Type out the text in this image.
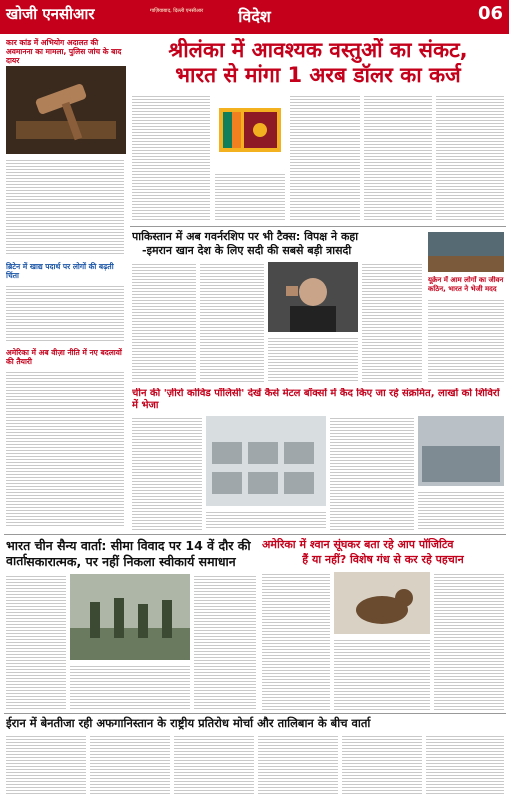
खोजी एनसीआर	गाज़ियाबाद, दिल्ली एनसीआर	विदेश	06
कार कांड में अभियोग अदालत की अवमानना का मामला, पुलिस जांच के बाद दायर
ब्रिटेन में खाद्य पदार्थ पर लोगों की बढ़ती चिंता
अमेरिका में अब वीज़ा नीति में नए बदलावों की तैयारी
श्रीलंका में आवश्यक वस्तुओं का संकट,
भारत से मांगा 1 अरब डॉलर का कर्ज
पाकिस्तान में अब गवर्नरशिप पर भी टैक्स: विपक्ष ने कहा
-इमरान खान देश के लिए सदी की सबसे बड़ी त्रासदी
यूक्रेन में आम लोगों का जीवन कठिन, भारत ने भेजी मदद
चीन की 'ज़ीरो कोविड पॉलिसी' देखें कैसे मेटल बॉक्सों में कैद किए जा रहे संक्रमित, लाखों को शिविरों में भेजा
भारत चीन सैन्य वार्ता: सीमा विवाद पर 14 वें दौर की वार्ता सकारात्मक, पर नहीं निकला स्वीकार्य समाधान
अमेरिका में श्वान सूंघकर बता रहे आप पॉजिटिव
हैं या नहीं? विशेष गंध से कर रहे पहचान
ईरान में बेनतीजा रही अफगानिस्तान के राष्ट्रीय प्रतिरोध मोर्चा और तालिबान के बीच वार्ता
